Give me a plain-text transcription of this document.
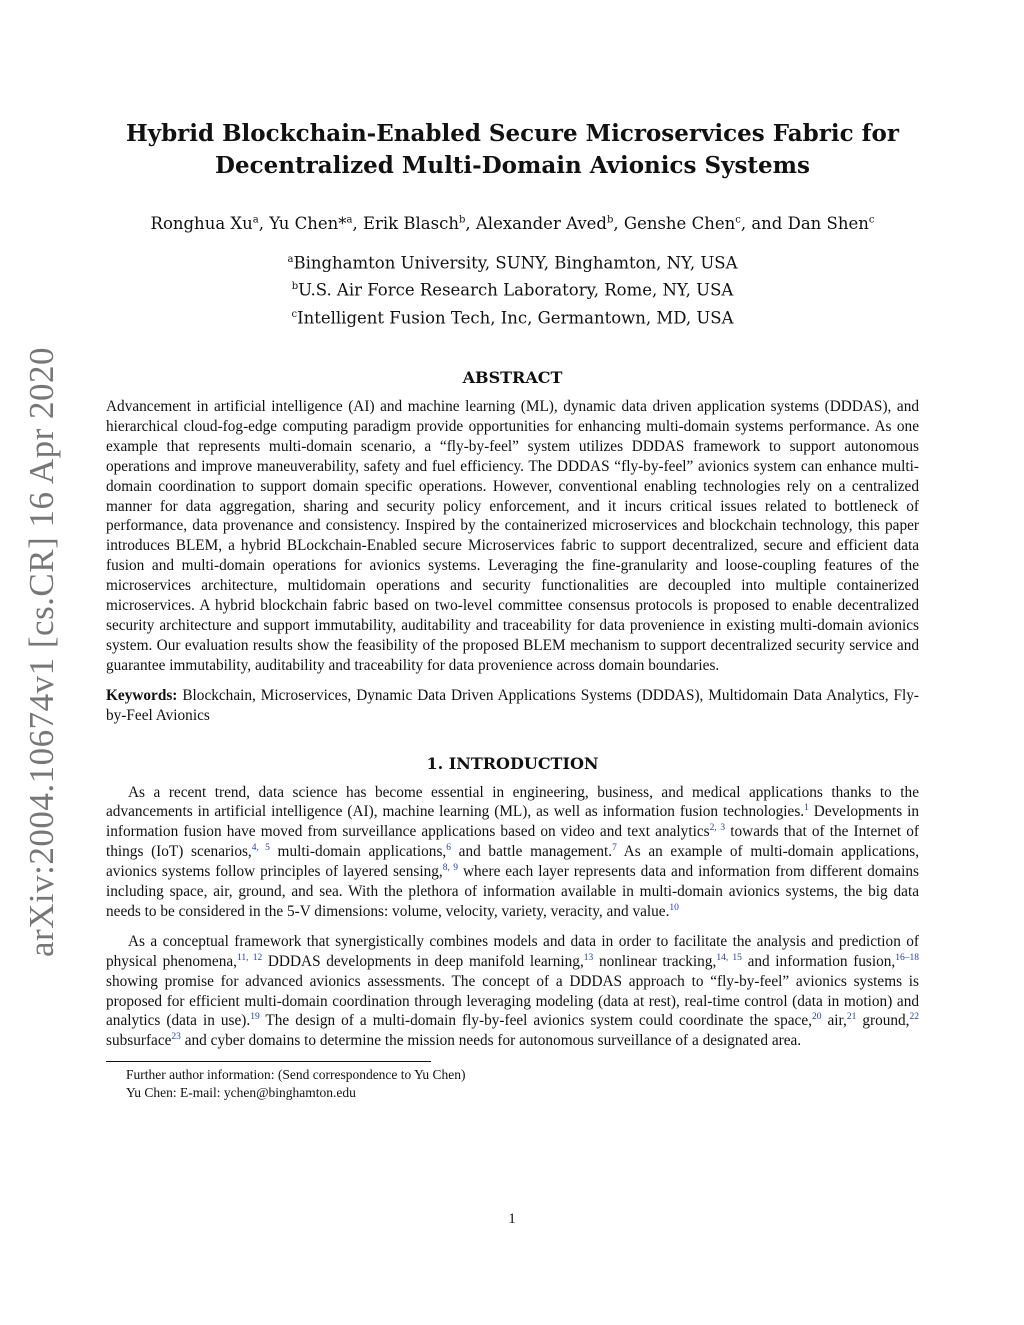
arXiv:2004.10674v1 [cs.CR] 16 Apr 2020
Hybrid Blockchain-Enabled Secure Microservices Fabric for
Decentralized Multi-Domain Avionics Systems
Ronghua Xu$^a$, Yu Chen*$^a$, Erik Blasch$^b$, Alexander Aved$^b$, Genshe Chen$^c$, and Dan Shen$^c$
$^a$Binghamton University, SUNY, Binghamton, NY, USA
$^b$U.S. Air Force Research Laboratory, Rome, NY, USA
$^c$Intelligent Fusion Tech, Inc, Germantown, MD, USA
ABSTRACT

Advancement in artificial intelligence (AI) and machine learning (ML), dynamic data driven application systems (DDDAS), and hierarchical cloud-fog-edge computing paradigm provide opportunities for enhancing multi-domain systems performance. As one example that represents multi-domain scenario, a “fly-by-feel” system utilizes DDDAS framework to support autonomous operations and improve maneuverability, safety and fuel efficiency. The DDDAS “fly-by-feel” avionics system can enhance multi-domain coordination to support domain specific operations. However, conventional enabling technologies rely on a centralized manner for data aggregation, sharing and security policy enforcement, and it incurs critical issues related to bottleneck of performance, data provenance and consistency. Inspired by the containerized microservices and blockchain technology, this paper introduces BLEM, a hybrid BLockchain-Enabled secure Microservices fabric to support decentralized, secure and efficient data fusion and multi-domain operations for avionics systems. Leveraging the fine-granularity and loose-coupling features of the microservices architecture, multidomain operations and security functionalities are decoupled into multiple containerized microservices. A hybrid blockchain fabric based on two-level committee consensus protocols is proposed to enable decentralized security architecture and support immutability, auditability and traceability for data provenience in existing multi-domain avionics system. Our evaluation results show the feasibility of the proposed BLEM mechanism to support decentralized security service and guarantee immutability, auditability and traceability for data provenience across domain boundaries.

Keywords: Blockchain, Microservices, Dynamic Data Driven Applications Systems (DDDAS), Multidomain Data Analytics, Fly-by-Feel Avionics

1. INTRODUCTION

As a recent trend, data science has become essential in engineering, business, and medical applications thanks to the advancements in artificial intelligence (AI), machine learning (ML), as well as information fusion technologies.$^1$ Developments in information fusion have moved from surveillance applications based on video and text analytics$^{2, 3}$ towards that of the Internet of things (IoT) scenarios,$^{4, 5}$ multi-domain applications,$^6$ and battle management.$^7$ As an example of multi-domain applications, avionics systems follow principles of layered sensing,$^{8, 9}$ where each layer represents data and information from different domains including space, air, ground, and sea. With the plethora of information available in multi-domain avionics systems, the big data needs to be considered in the 5-V dimensions: volume, velocity, variety, veracity, and value.$^{10}$

As a conceptual framework that synergistically combines models and data in order to facilitate the analysis and prediction of physical phenomena,$^{11, 12}$ DDDAS developments in deep manifold learning,$^{13}$ nonlinear tracking,$^{14, 15}$ and information fusion,$^{16-18}$ showing promise for advanced avionics assessments. The concept of a DDDAS approach to “fly-by-feel” avionics systems is proposed for efficient multi-domain coordination through leveraging modeling (data at rest), real-time control (data in motion) and analytics (data in use).$^{19}$ The design of a multi-domain fly-by-feel avionics system could coordinate the space,$^{20}$ air,$^{21}$ ground,$^{22}$ subsurface$^{23}$ and cyber domains to determine the mission needs for autonomous surveillance of a designated area.

Further author information: (Send correspondence to Yu Chen)
Yu Chen: E-mail: ychen@binghamton.edu
1
